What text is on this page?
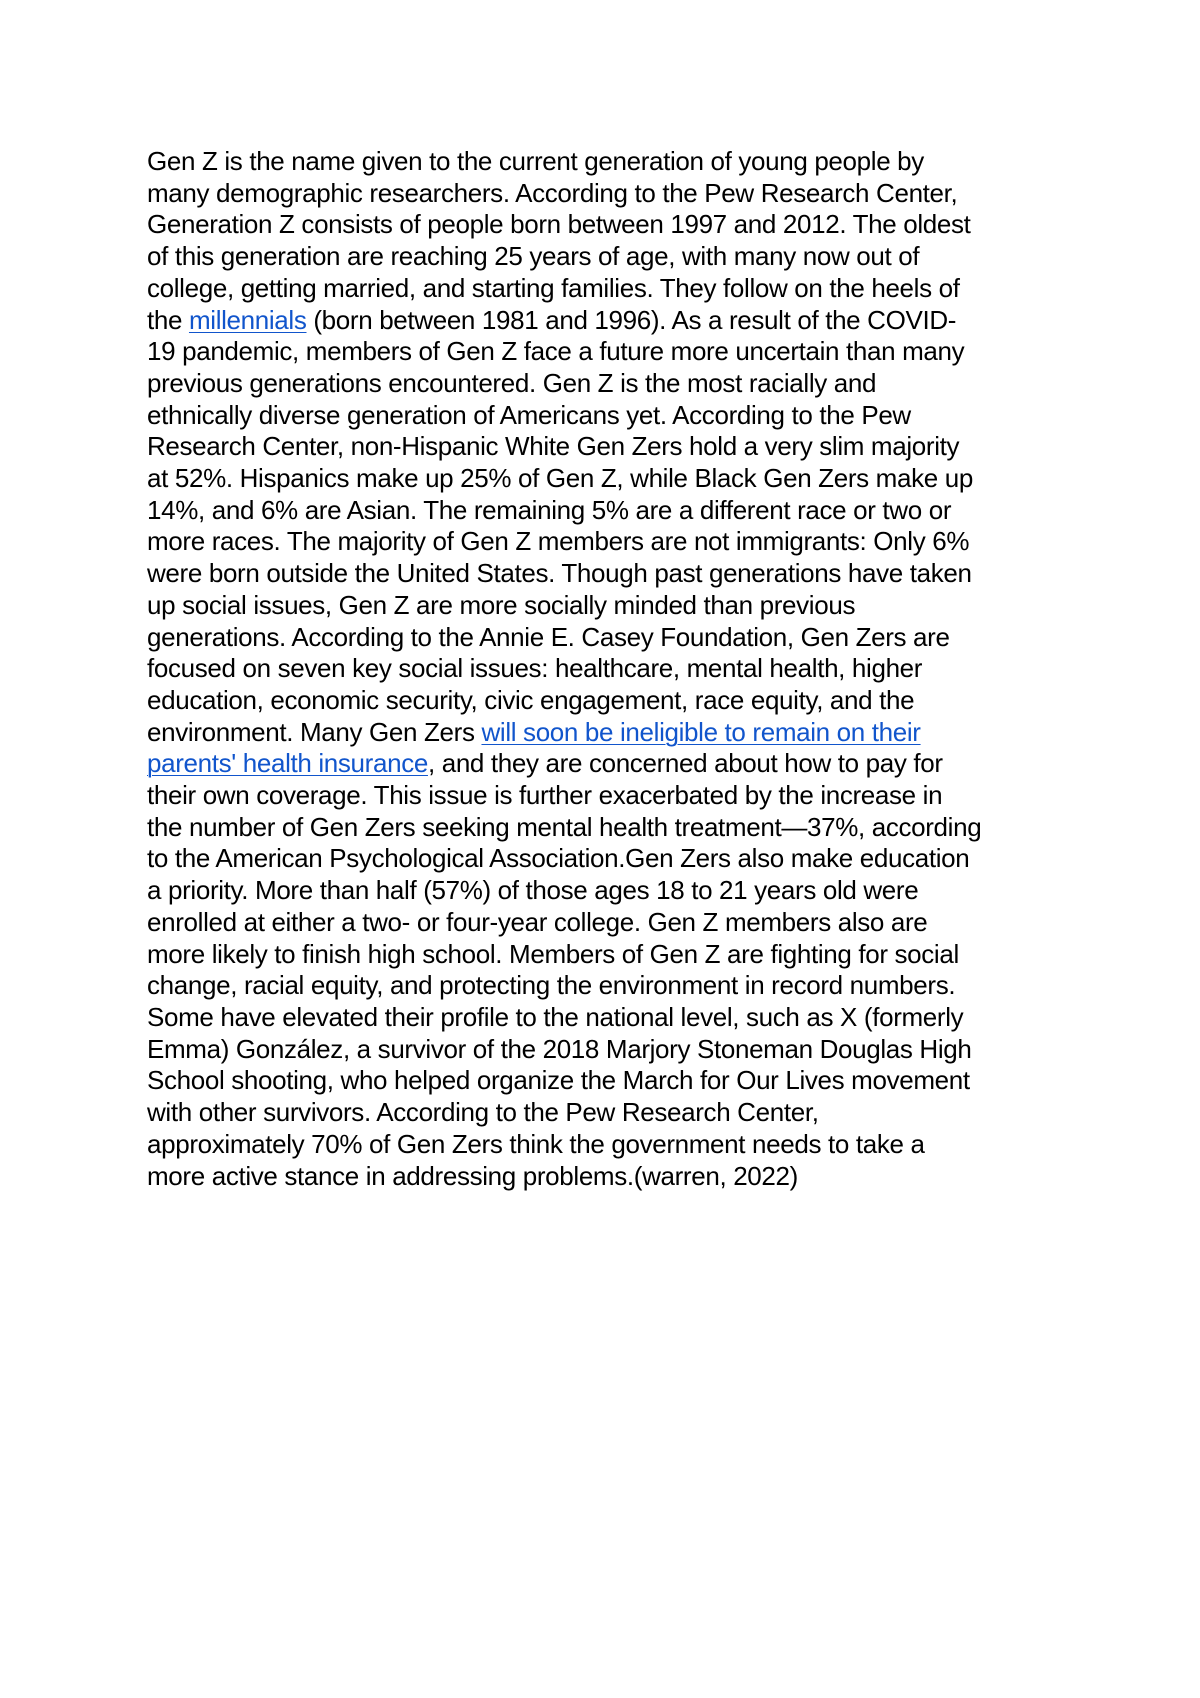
Gen Z is the name given to the current generation of young people by
many demographic researchers. According to the Pew Research Center,
Generation Z consists of people born between 1997 and 2012. The oldest
of this generation are reaching 25 years of age, with many now out of
college, getting married, and starting families. They follow on the heels of
the millennials (born between 1981 and 1996). As a result of the COVID-
19 pandemic, members of Gen Z face a future more uncertain than many
previous generations encountered. Gen Z is the most racially and
ethnically diverse generation of Americans yet. According to the Pew
Research Center, non-Hispanic White Gen Zers hold a very slim majority
at 52%. Hispanics make up 25% of Gen Z, while Black Gen Zers make up
14%, and 6% are Asian. The remaining 5% are a different race or two or
more races. The majority of Gen Z members are not immigrants: Only 6%
were born outside the United States. Though past generations have taken
up social issues, Gen Z are more socially minded than previous
generations. According to the Annie E. Casey Foundation, Gen Zers are
focused on seven key social issues: healthcare, mental health, higher
education, economic security, civic engagement, race equity, and the
environment. Many Gen Zers will soon be ineligible to remain on their
parents' health insurance, and they are concerned about how to pay for
their own coverage. This issue is further exacerbated by the increase in
the number of Gen Zers seeking mental health treatment—37%, according
to the American Psychological Association.Gen Zers also make education
a priority. More than half (57%) of those ages 18 to 21 years old were
enrolled at either a two- or four-year college. Gen Z members also are
more likely to finish high school. Members of Gen Z are fighting for social
change, racial equity, and protecting the environment in record numbers.
Some have elevated their profile to the national level, such as X (formerly
Emma) González, a survivor of the 2018 Marjory Stoneman Douglas High
School shooting, who helped organize the March for Our Lives movement
with other survivors. According to the Pew Research Center,
approximately 70% of Gen Zers think the government needs to take a
more active stance in addressing problems.(warren, 2022)
